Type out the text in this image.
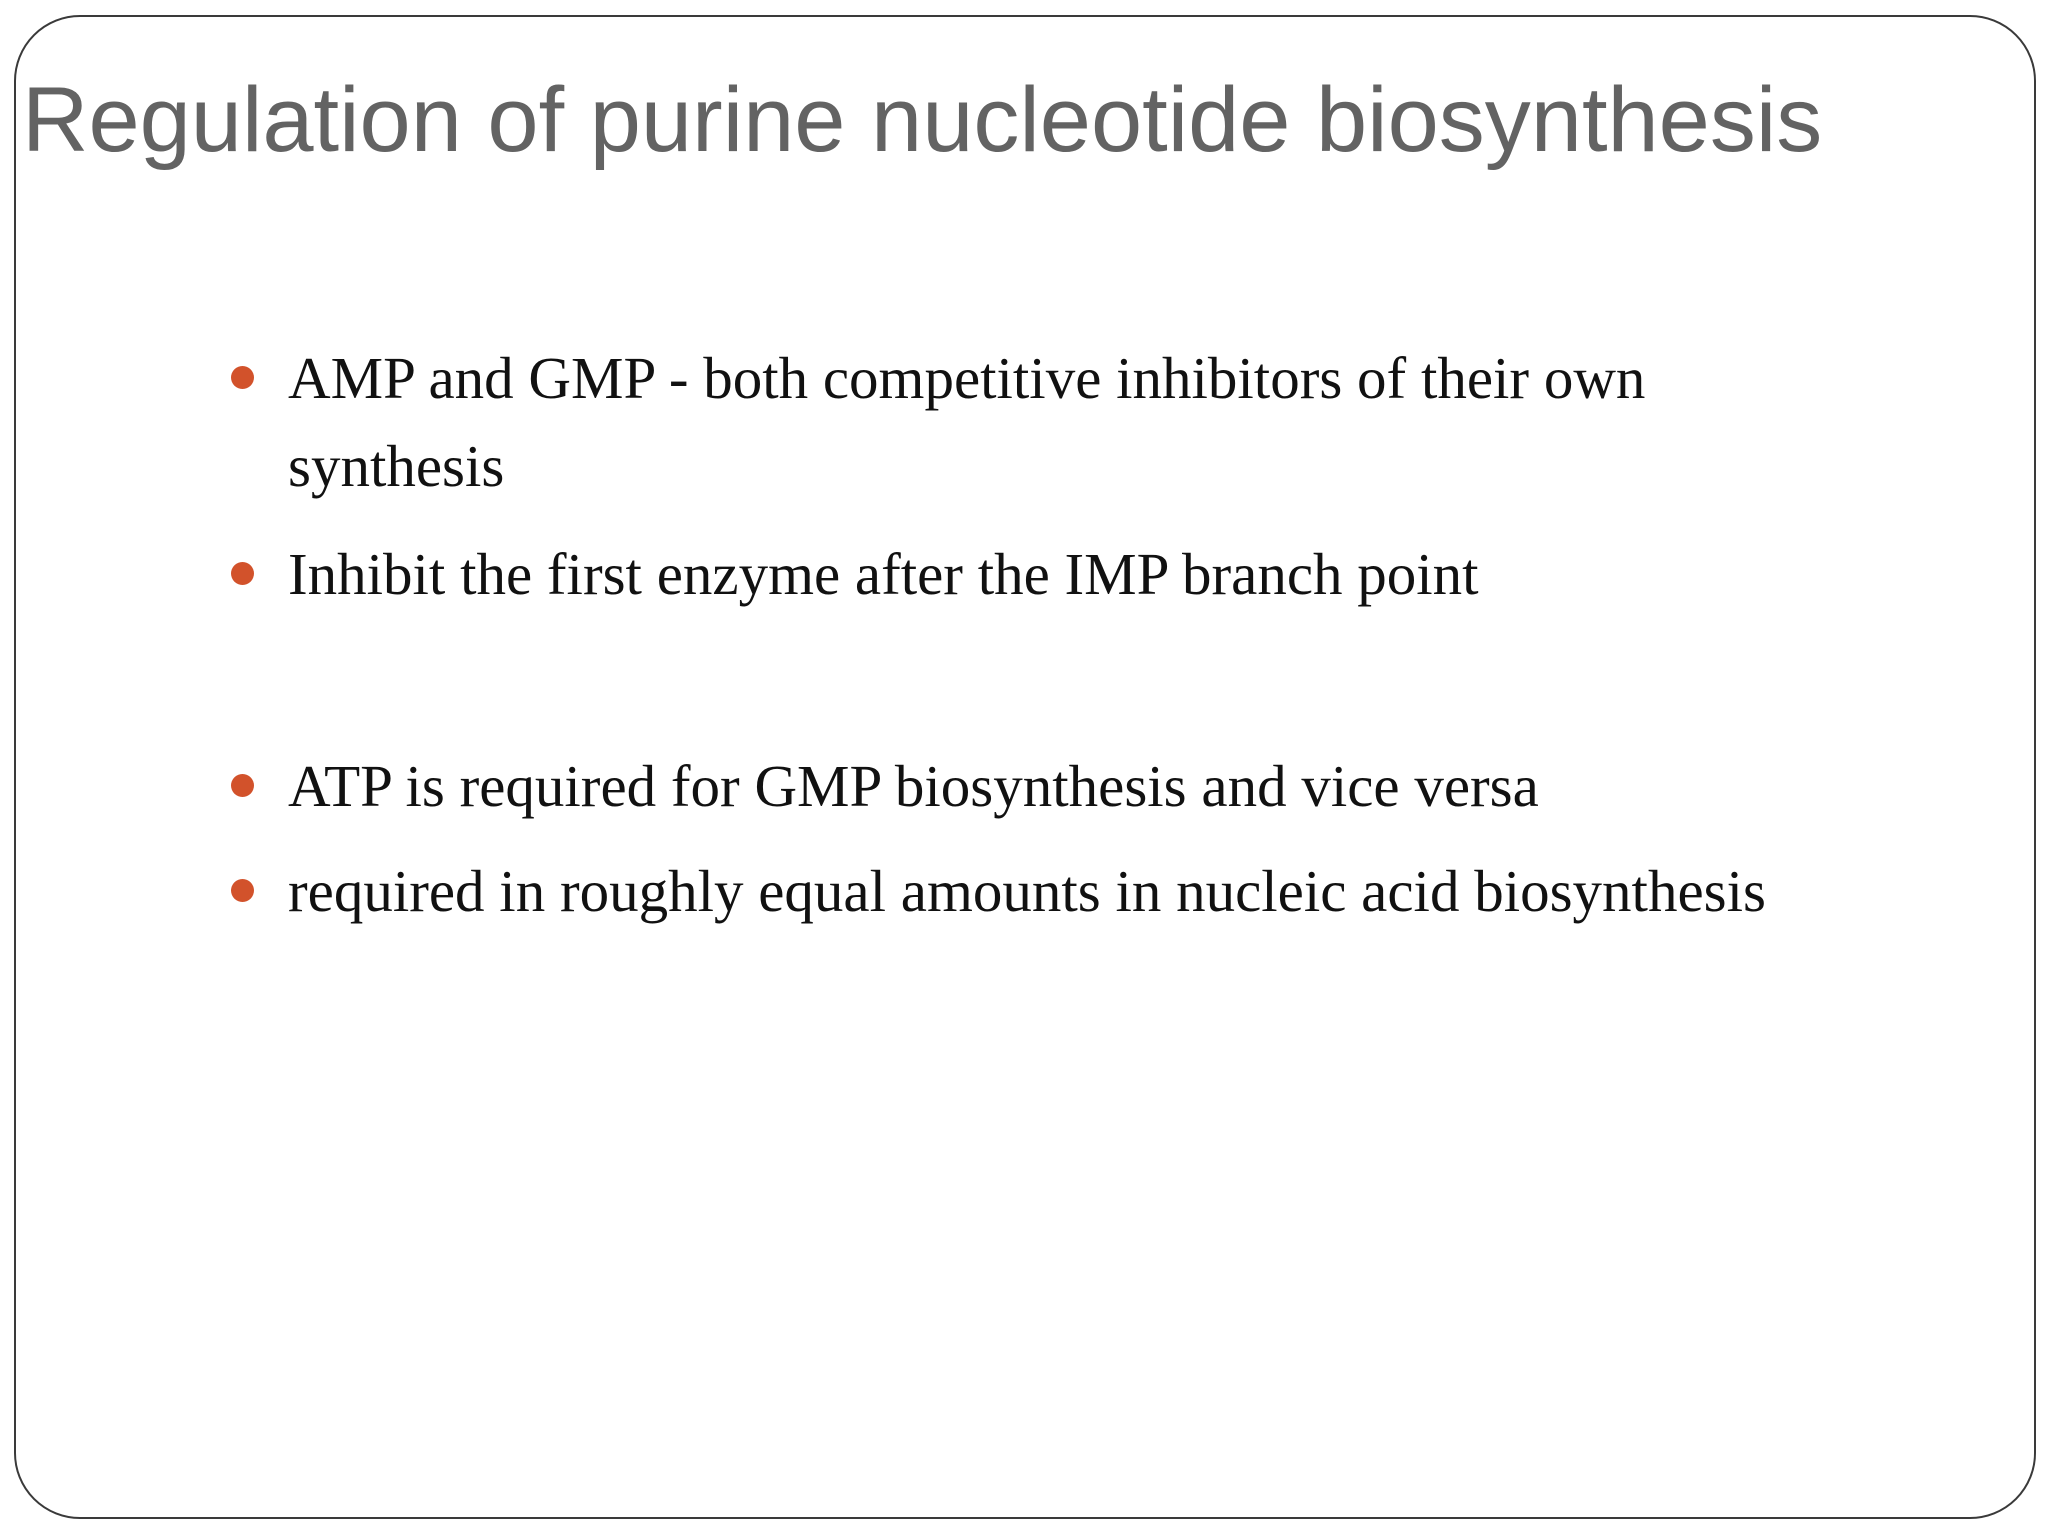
Regulation of purine nucleotide biosynthesis
AMP and GMP - both competitive inhibitors of their own synthesis
Inhibit the first enzyme after the IMP branch point
ATP is required for GMP biosynthesis and vice versa
required in roughly equal amounts in nucleic acid biosynthesis
